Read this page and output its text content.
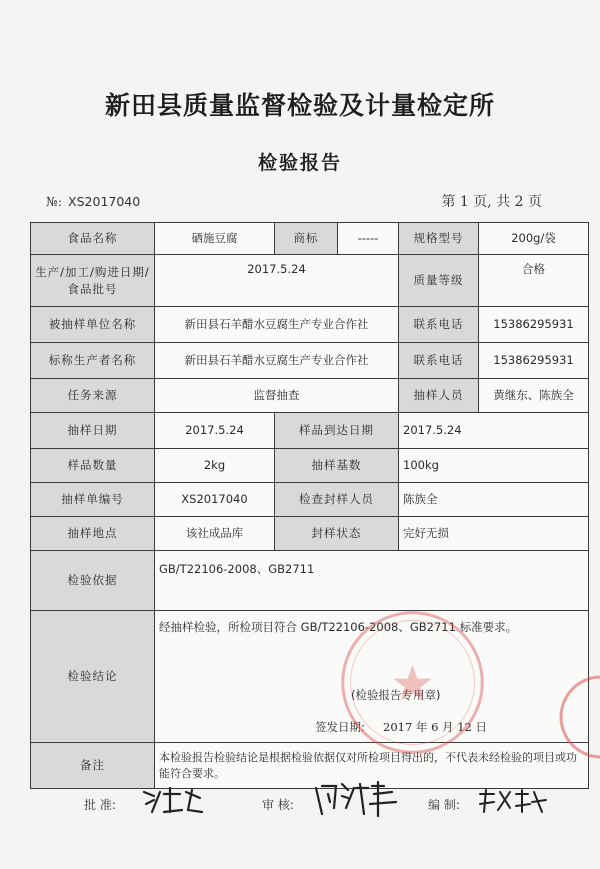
新田县质量监督检验及计量检定所
检验报告
№: XS2017040	第 1 页, 共 2 页
食品名称	硒施豆腐	商标	-----	规格型号	200g/袋
生产/加工/购进日期/食品批号	2017.5.24			质量等级	合格
被抽样单位名称	新田县石羊醋水豆腐生产专业合作社			联系电话	15386295931
标称生产者名称	新田县石羊醋水豆腐生产专业合作社			联系电话	15386295931
任务来源	监督抽查			抽样人员	黄继东、陈族全
抽样日期	2017.5.24	样品到达日期		2017.5.24	
样品数量	2kg	抽样基数		100kg	
抽样单编号	XS2017040	检查封样人员		陈族全	
抽样地点	该社成品库	封样状态		完好无损	
检验依据	GB/T22106-2008、GB2711				
检验结论	经抽样检验，所检项目符合 GB/T22106-2008、GB2711 标准要求。
(检验报告专用章)
签发日期: 2017 年 6 月 12 日				

备注	本检验报告检验结论是根据检验依据仅对所检项目得出的，不代表未经检验的项目或功能符合要求。				
批 准:	审 核:	编 制:
